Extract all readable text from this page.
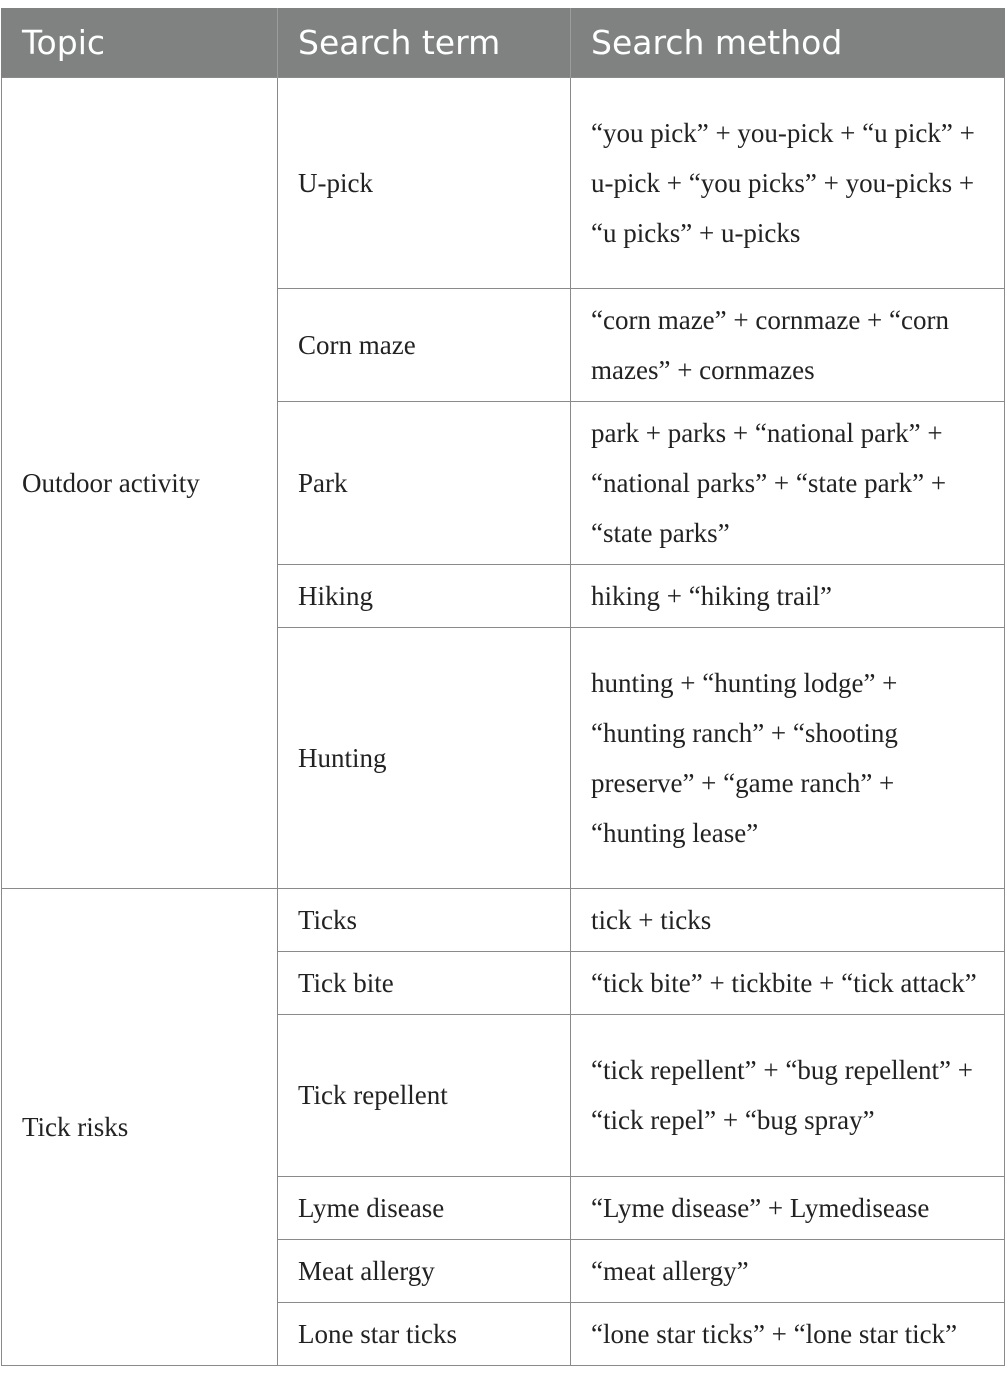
Topic	Search term	Search method
Outdoor activity	U-pick	“you pick” + you-pick + “u pick” + u-pick + “you picks” + you-picks + “u picks” + u-picks
	Corn maze	“corn maze” + cornmaze + “corn mazes” + cornmazes
	Park	park + parks + “national park” + “national parks” + “state park” + “state parks”
	Hiking	hiking + “hiking trail”
	Hunting	hunting + “hunting lodge” + “hunting ranch” + “shooting preserve” + “game ranch” + “hunting lease”
Tick risks	Ticks	tick + ticks
	Tick bite	“tick bite” + tickbite + “tick attack”
	Tick repellent	“tick repellent” + “bug repellent” + “tick repel” + “bug spray”
	Lyme disease	“Lyme disease” + Lymedisease
	Meat allergy	“meat allergy”
	Lone star ticks	“lone star ticks” + “lone star tick”
